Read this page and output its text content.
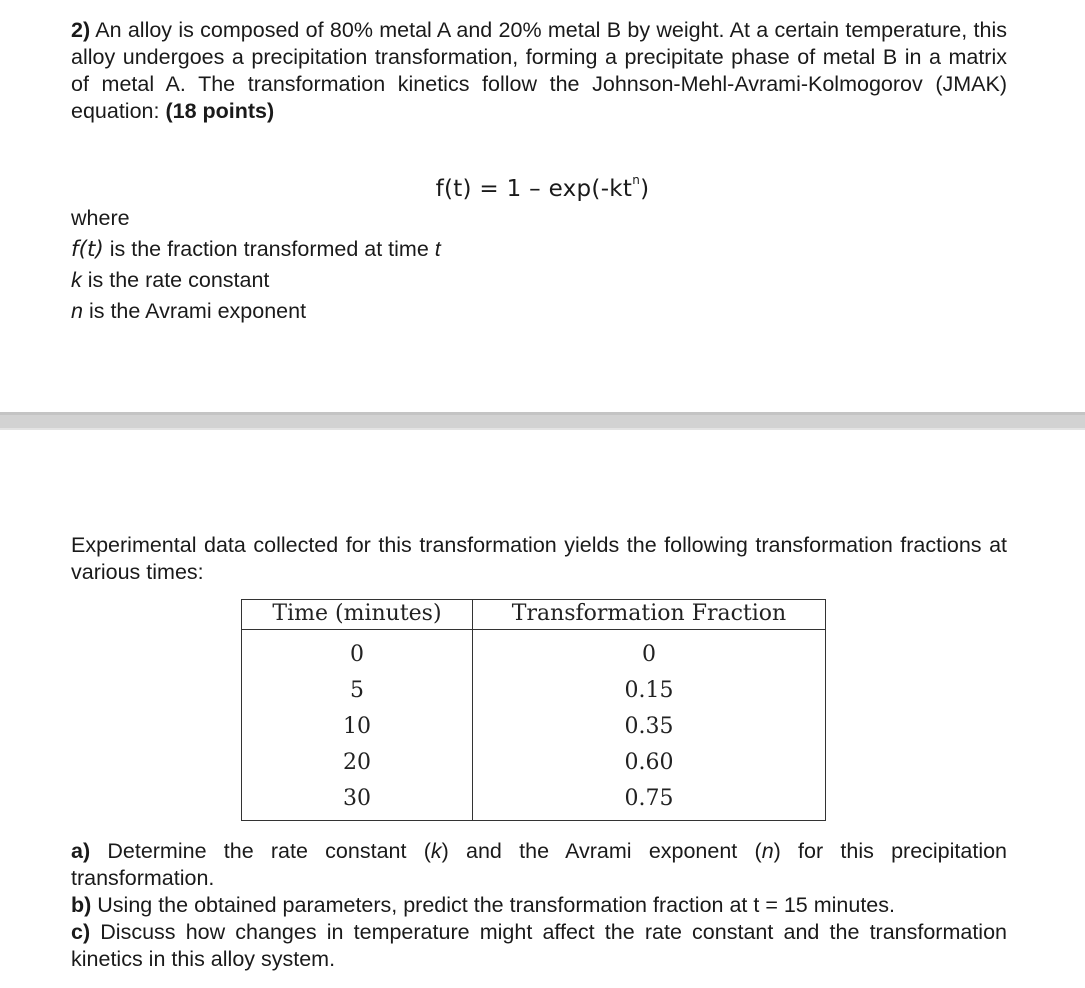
2) An alloy is composed of 80% metal A and 20% metal B by weight. At a certain temperature, this alloy undergoes a precipitation transformation, forming a precipitate phase of metal B in a matrix of metal A. The transformation kinetics follow the Johnson-Mehl-Avrami-Kolmogorov (JMAK) equation: (18 points)

$f(t) = 1 - \exp(-kt^n)$
where
f(t) is the fraction transformed at time t
k is the rate constant
n is the Avrami exponent

Experimental data collected for this transformation yields the following transformation fractions at various times:

Time (minutes)	Transformation Fraction
0	0
5	0.15
10	0.35
20	0.60
30	0.75

a) Determine the rate constant (k) and the Avrami exponent (n) for this precipitation transformation.

b) Using the obtained parameters, predict the transformation fraction at t = 15 minutes.

c) Discuss how changes in temperature might affect the rate constant and the transformation kinetics in this alloy system.
